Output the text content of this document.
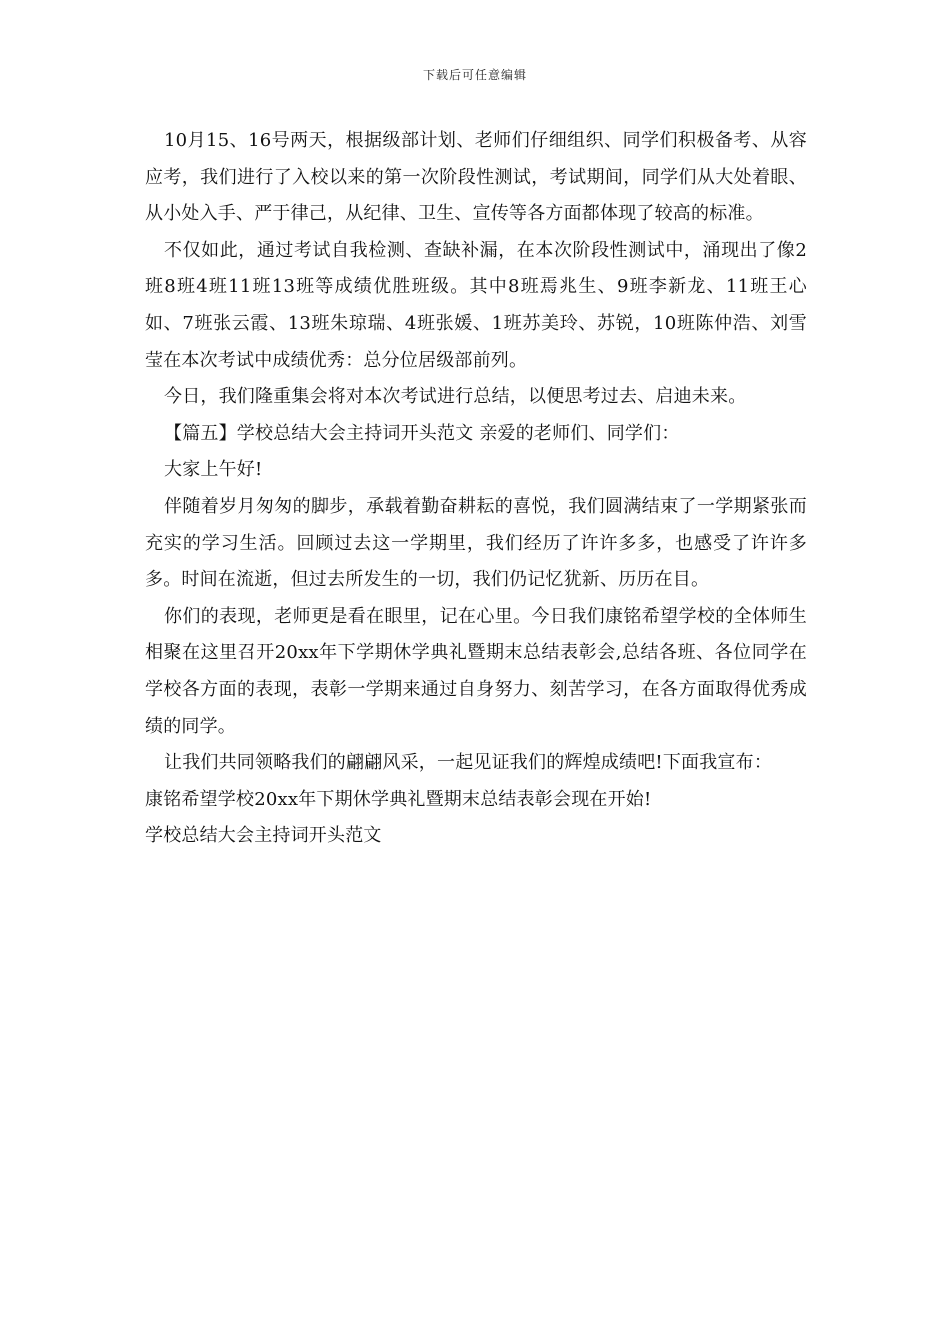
下载后可任意编辑

10月15、16号两天，根据级部计划、老师们仔细组织、同学们积极备考、从容应考，我们进行了入校以来的第一次阶段性测试，考试期间，同学们从大处着眼、从小处入手、严于律己，从纪律、卫生、宣传等各方面都体现了较高的标准。

不仅如此，通过考试自我检测、查缺补漏，在本次阶段性测试中，涌现出了像2班8班4班11班13班等成绩优胜班级。其中8班焉兆生、9班李新龙、11班王心如、7班张云霞、13班朱琼瑞、4班张媛、1班苏美玲、苏锐，10班陈仲浩、刘雪莹在本次考试中成绩优秀：总分位居级部前列。

今日，我们隆重集会将对本次考试进行总结，以便思考过去、启迪未来。

【篇五】学校总结大会主持词开头范文 亲爱的老师们、同学们：

大家上午好!

伴随着岁月匆匆的脚步，承载着勤奋耕耘的喜悦，我们圆满结束了一学期紧张而充实的学习生活。回顾过去这一学期里，我们经历了许许多多，也感受了许许多多。时间在流逝，但过去所发生的一切，我们仍记忆犹新、历历在目。

你们的表现，老师更是看在眼里，记在心里。今日我们康铭希望学校的全体师生相聚在这里召开20xx年下学期休学典礼暨期末总结表彰会,总结各班、各位同学在学校各方面的表现，表彰一学期来通过自身努力、刻苦学习，在各方面取得优秀成绩的同学。

让我们共同领略我们的翩翩风采，一起见证我们的辉煌成绩吧!下面我宣布：

康铭希望学校20xx年下期休学典礼暨期末总结表彰会现在开始!

学校总结大会主持词开头范文
